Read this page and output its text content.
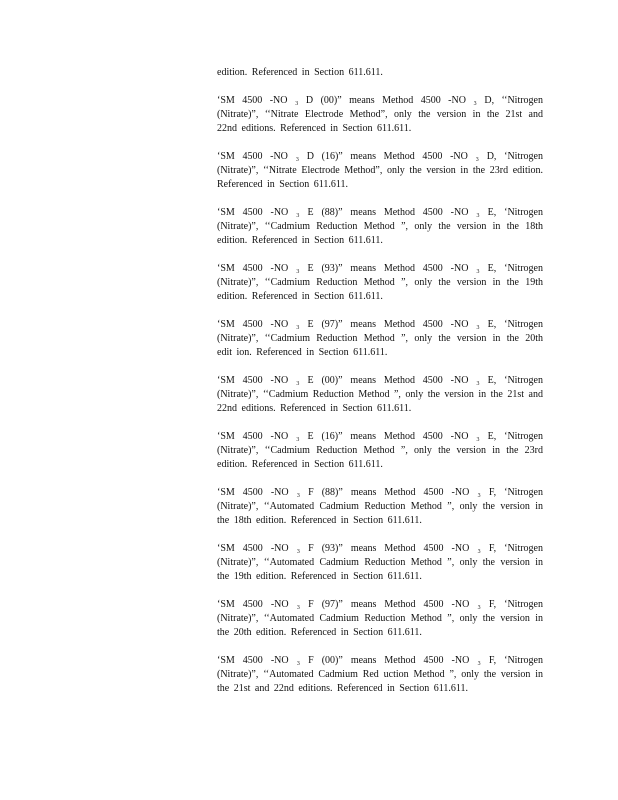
edition. Referenced in Section 611.611.

‘SM 4500 -NO ₃ D (00)” means Method 4500 -NO ₃ D, ‘‘Nitrogen (Nitrate)”, ‘‘Nitrate Electrode Method”, only the version in the 21st and 22nd editions. Referenced in Section 611.611.

‘SM 4500 -NO ₃ D (16)” means Method 4500 -NO ₃ D, ‘Nitrogen (Nitrate)”, ‘‘Nitrate Electrode Method”, only the version in the 23rd edition. Referenced in Section 611.611.

‘SM 4500 -NO ₃ E (88)” means Method 4500 -NO ₃ E, ‘Nitrogen (Nitrate)”, ‘‘Cadmium Reduction Method ”, only the version in the 18th edition. Referenced in Section 611.611.

‘SM 4500 -NO ₃ E (93)” means Method 4500 -NO ₃ E, ‘Nitrogen (Nitrate)”, ‘‘Cadmium Reduction Method ”, only the version in the 19th edition. Referenced in Section 611.611.

‘SM 4500 -NO ₃ E (97)” means Method 4500 -NO ₃ E, ‘Nitrogen (Nitrate)”, ‘‘Cadmium Reduction Method ”, only the version in the 20th edit ion. Referenced in Section 611.611.

‘SM 4500 -NO ₃ E (00)” means Method 4500 -NO ₃ E, ‘Nitrogen (Nitrate)”, ‘‘Cadmium Reduction Method ”, only the version in the 21st and 22nd editions. Referenced in Section 611.611.

‘SM 4500 -NO ₃ E (16)” means Method 4500 -NO ₃ E, ‘Nitrogen (Nitrate)”, ‘‘Cadmium Reduction Method ”, only the version in the 23rd edition. Referenced in Section 611.611.

‘SM 4500 -NO ₃ F (88)” means Method 4500 -NO ₃ F, ‘Nitrogen (Nitrate)”, ‘‘Automated Cadmium Reduction Method ”, only the version in the 18th edition. Referenced in Section 611.611.

‘SM 4500 -NO ₃ F (93)” means Method 4500 -NO ₃ F, ‘Nitrogen (Nitrate)”, ‘‘Automated Cadmium Reduction Method ”, only the version in the 19th edition. Referenced in Section 611.611.

‘SM 4500 -NO ₃ F (97)” means Method 4500 -NO ₃ F, ‘Nitrogen (Nitrate)”, ‘‘Automated Cadmium Reduction Method ”, only the version in the 20th edition. Referenced in Section 611.611.

‘SM 4500 -NO ₃ F (00)” means Method 4500 -NO ₃ F, ‘Nitrogen (Nitrate)”, ‘‘Automated Cadmium Red uction Method ”, only the version in the 21st and 22nd editions. Referenced in Section 611.611.
